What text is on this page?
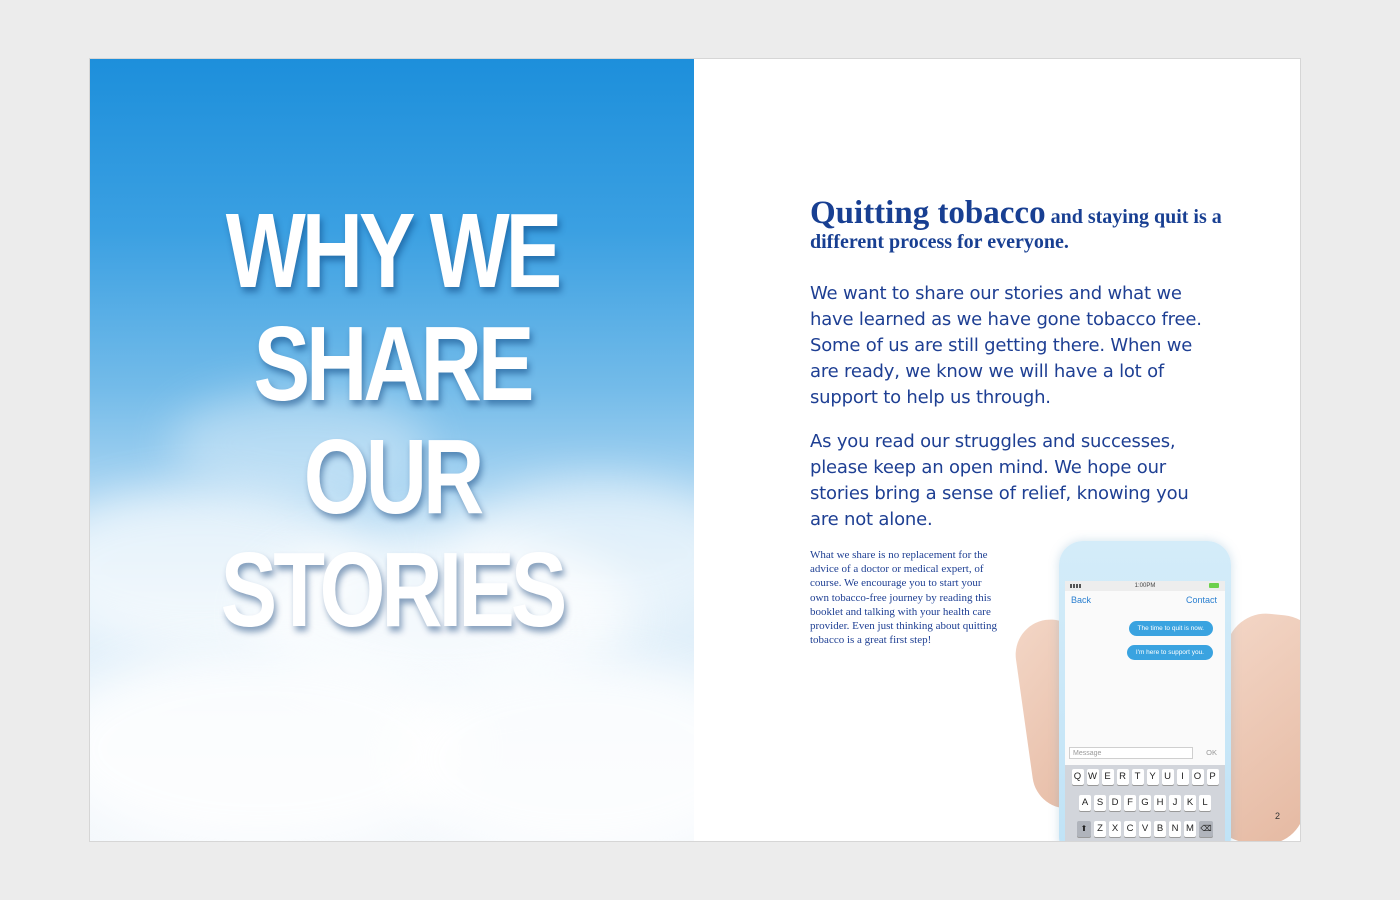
WHY WE
SHARE
OUR
STORIES
Quitting tobacco and staying quit is a different process for everyone.

We want to share our stories and what we have learned as we have gone tobacco free. Some of us are still getting there. When we are ready, we know we will have a lot of support to help us through.

As you read our struggles and successes, please keep an open mind. We hope our stories bring a sense of relief, knowing you are not alone.

What we share is no replacement for the advice of a doctor or medical expert, of course. We encourage you to start your own tobacco-free journey by reading this booklet and talking with your health care provider. Even just thinking about quitting tobacco is a great first step!

1:00PM
Back	Contact
The time to quit is now.
I'm here to support you.
Message	OK
Q W E R T Y U	I	O P
A S D F G H J K L
⬆	Z X C V B N M ⌫
2
